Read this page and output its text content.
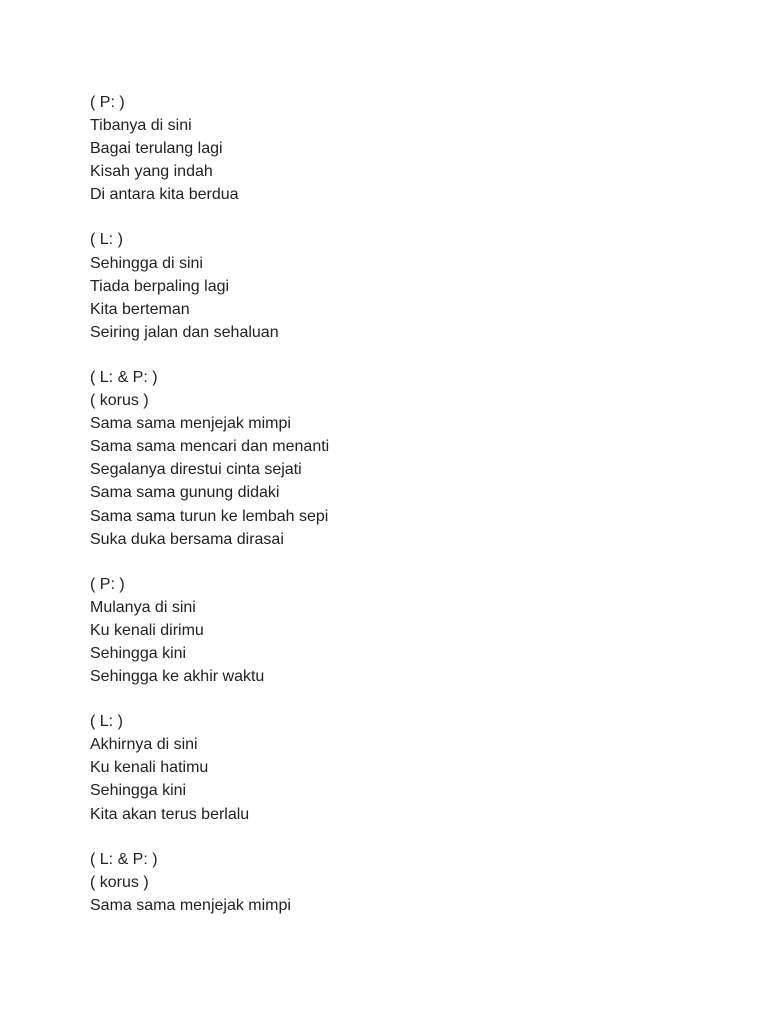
( P: )
Tibanya di sini
Bagai terulang lagi
Kisah yang indah
Di antara kita berdua
( L: )
Sehingga di sini
Tiada berpaling lagi
Kita berteman
Seiring jalan dan sehaluan
( L: & P: )
( korus )
Sama sama menjejak mimpi
Sama sama mencari dan menanti
Segalanya direstui cinta sejati
Sama sama gunung didaki
Sama sama turun ke lembah sepi
Suka duka bersama dirasai
( P: )
Mulanya di sini
Ku kenali dirimu
Sehingga kini
Sehingga ke akhir waktu
( L: )
Akhirnya di sini
Ku kenali hatimu
Sehingga kini
Kita akan terus berlalu
( L: & P: )
( korus )
Sama sama menjejak mimpi
